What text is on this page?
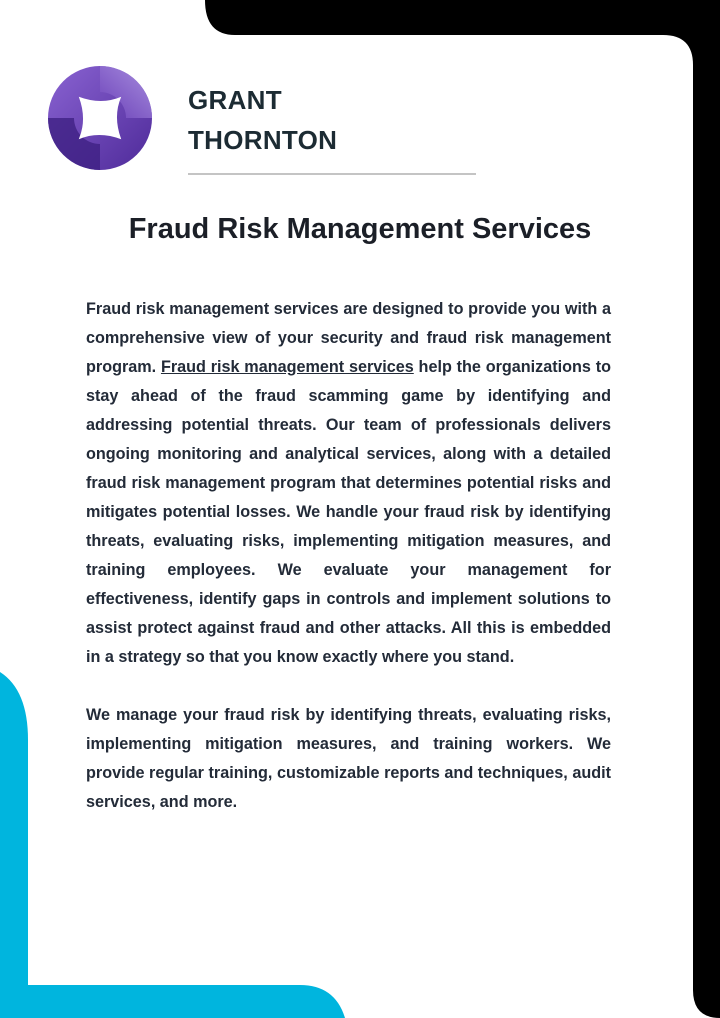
GRANT
THORNTON
Fraud Risk Management Services

Fraud risk management services are designed to provide you with a comprehensive view of your security and fraud risk management program. Fraud risk management services help the organizations to stay ahead of the fraud scamming game by identifying and addressing potential threats. Our team of professionals delivers ongoing monitoring and analytical services, along with a detailed fraud risk management program that determines potential risks and mitigates potential losses. We handle your fraud risk by identifying threats, evaluating risks, implementing mitigation measures, and training employees. We evaluate your management for effectiveness, identify gaps in controls and implement solutions to assist protect against fraud and other attacks. All this is embedded in a strategy so that you know exactly where you stand.

We manage your fraud risk by identifying threats, evaluating risks, implementing mitigation measures, and training workers. We provide regular training, customizable reports and techniques, audit services, and more.
